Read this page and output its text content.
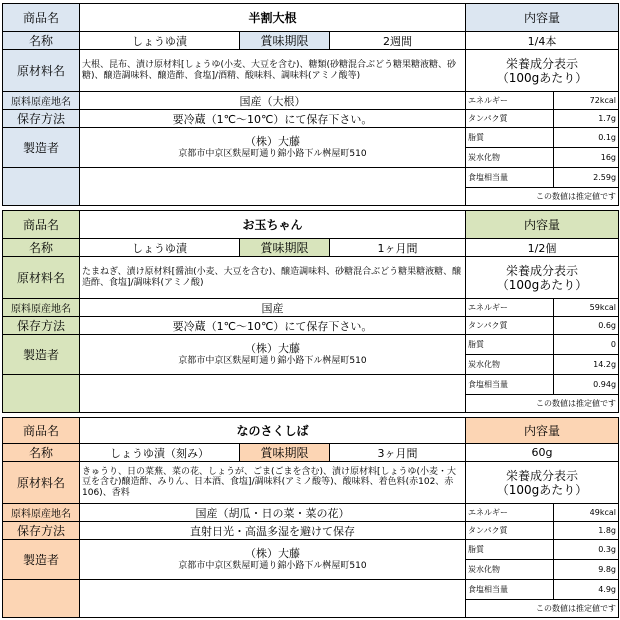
商品名	半割大根			内容量	
名称	しょうゆ漬	賞味期限	2週間	1/4本	
原材料名	大根、昆布、漬け原材料[しょうゆ(小麦、大豆を含む)、糖類(砂糖混合ぶどう糖果糖液糖、砂糖)、醸造調味料、醸造酢、食塩]/酒精、酸味料、調味料(アミノ酸等)			栄養成分表示
（100gあたり）	

原料原産地名	国産（大根）			エネルギー	72kcal
保存方法	要冷蔵（1℃～10℃）にて保存下さい。			タンパク質	1.7g
製造者	（株）大藤
京都市中京区麩屋町通り錦小路下ル桝屋町510			脂質	0.1g
				炭水化物	16g
				食塩相当量	2.59g
				この数値は推定値です	
商品名	お玉ちゃん			内容量	
名称	しょうゆ漬	賞味期限	1ヶ月間	1/2個	
原材料名	たまねぎ、漬け原材料[醤油(小麦、大豆を含む)、醸造調味料、砂糖混合ぶどう糖果糖液糖、醸造酢、食塩]/調味料(アミノ酸)			栄養成分表示
（100gあたり）	

原料原産地名	国産			エネルギー	59kcal
保存方法	要冷蔵（1℃～10℃）にて保存下さい。			タンパク質	0.6g
製造者	（株）大藤
京都市中京区麩屋町通り錦小路下ル桝屋町510			脂質	0
				炭水化物	14.2g
				食塩相当量	0.94g
				この数値は推定値です	
商品名	なのさくしば			内容量	
名称	しょうゆ漬（刻み）	賞味期限	3ヶ月間	60g	
原材料名	きゅうり、日の菜蕪、菜の花、しょうが、ごま(ごまを含む)、漬け原材料[しょうゆ(小麦・大豆を含む)醸造酢、みりん、日本酒、食塩]/調味料(アミノ酸等)、酸味料、着色料(赤102、赤106)、香料			栄養成分表示
（100gあたり）	

原料原産地名	国産（胡瓜・日の菜・菜の花）			エネルギー	49kcal
保存方法	直射日光・高温多湿を避けて保存			タンパク質	1.8g
製造者	（株）大藤
京都市中京区麩屋町通り錦小路下ル桝屋町510			脂質	0.3g
				炭水化物	9.8g
				食塩相当量	4.9g
				この数値は推定値です	
